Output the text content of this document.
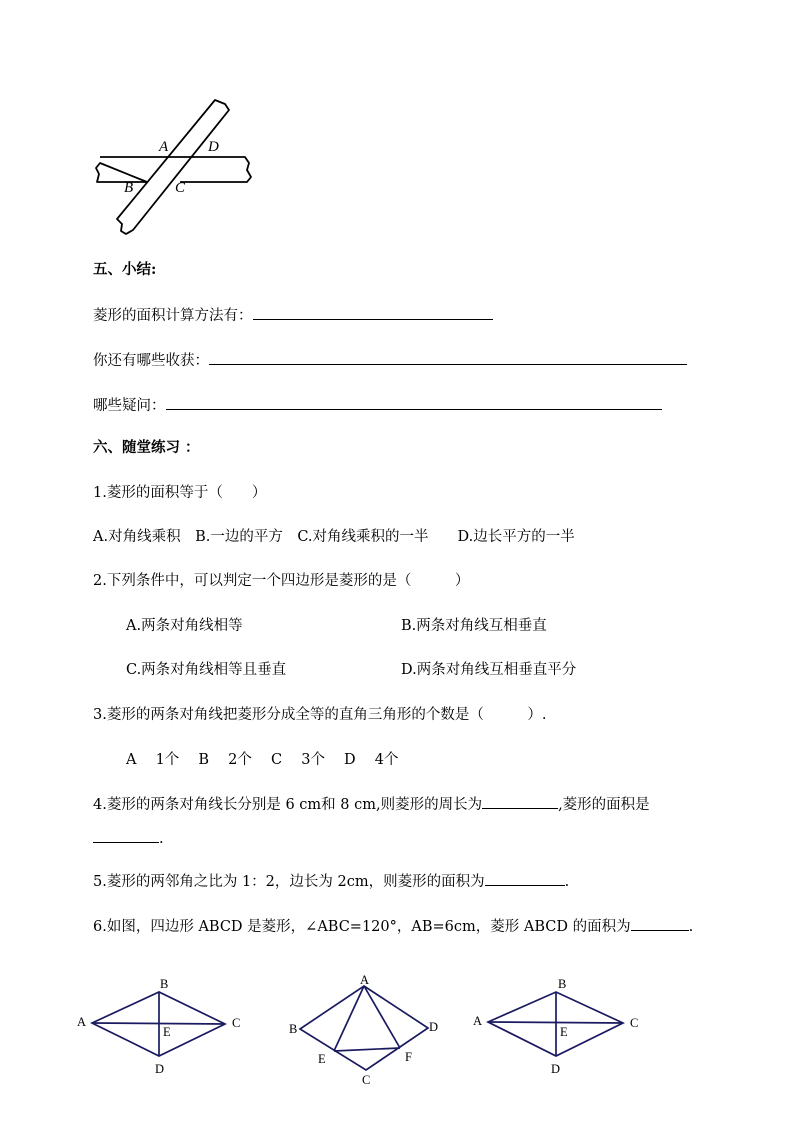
A	D
B	C
五、小结:
菱形的面积计算方法有：
你还有哪些收获：
哪些疑问：
六、随堂练习 ：
1.菱形的面积等于（　　）
A.对角线乘积　B.一边的平方　C.对角线乘积的一半　　D.边长平方的一半
2.下列条件中，可以判定一个四边形是菱形的是（　　　）
A.两条对角线相等	B.两条对角线互相垂直
C.两条对角线相等且垂直	D.两条对角线互相垂直平分
3.菱形的两条对角线把菱形分成全等的直角三角形的个数是（　　　）.
A　 1个　 B　 2个　 C　 3个　 D　 4个
4.菱形的两条对角线长分别是 6 cm和 8 cm,则菱形的周长为	,菱形的面积是
.
5.菱形的两邻角之比为 1：2，边长为 2cm，则菱形的面积为	.
6.如图，四边形 ABCD 是菱形，∠ABC=120°，AB=6cm，菱形 ABCD 的面积为	.
A
B
C
D
E
A
B
C
D
E	F
A
B
C
D
E
